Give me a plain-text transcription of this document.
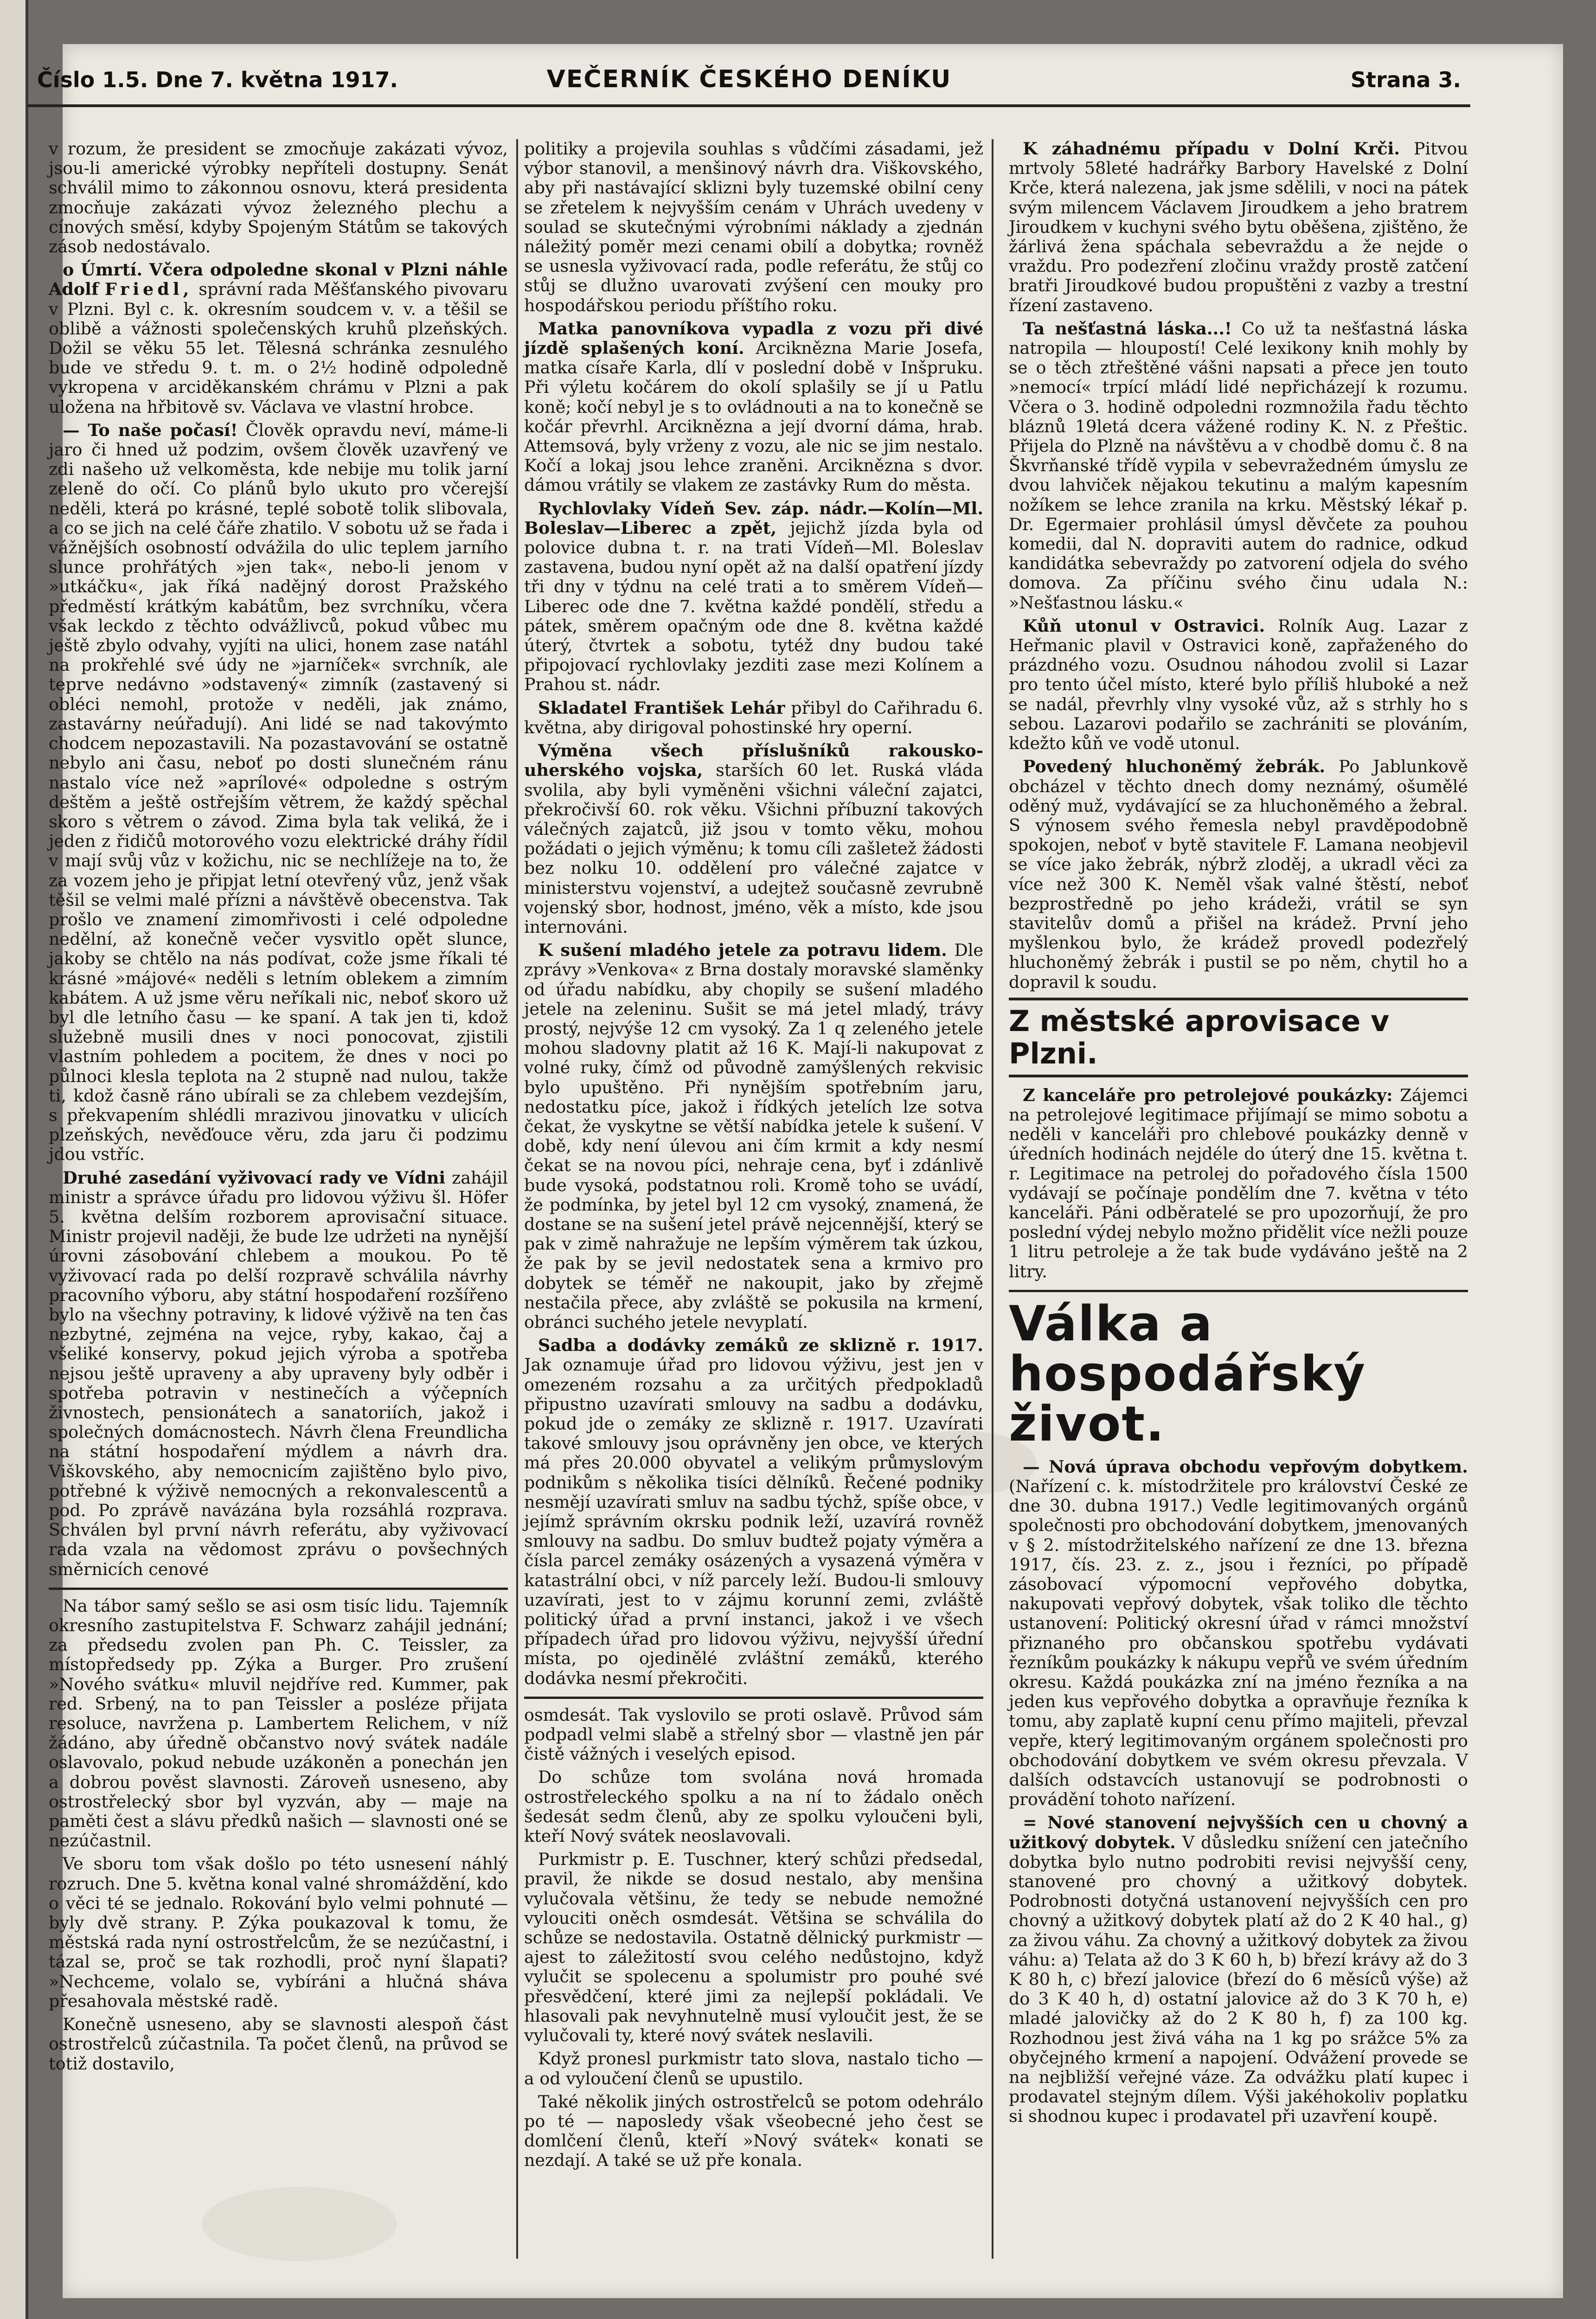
Číslo 1.5. Dne 7. května 1917.	VEČERNÍK ČESKÉHO DENÍKU	Strana 3.

v rozum, že president se zmocňuje zakázati vývoz, jsou-li americké výrobky nepříteli dostupny. Senát schválil mimo to zákonnou osnovu, která presidenta zmocňuje zakázati vývoz železného plechu a cínových směsí, kdyby Spojeným Státům se takových zásob nedostávalo.

o Úmrtí. Včera odpoledne skonal v Plzni náhle Adolf Friedl, správní rada Měšťanského pivovaru v Plzni. Byl c. k. okresním soudcem v. v. a těšil se oblibě a vážnosti společenských kruhů plzeňských. Dožil se věku 55 let. Tělesná schránka zesnulého bude ve středu 9. t. m. o 2½ hodině odpoledně vykropena v arciděkanském chrámu v Plzni a pak uložena na hřbitově sv. Václava ve vlastní hrobce.

— To naše počasí! Člověk opravdu neví, máme-li jaro či hned už podzim, ovšem člověk uzavřený ve zdi našeho už velkoměsta, kde nebije mu tolik jarní zeleně do očí. Co plánů bylo ukuto pro včerejší neděli, která po krásné, teplé sobotě tolik slibovala, a co se jich na celé čáře zhatilo. V sobotu už se řada i vážnějších osobností odvážila do ulic teplem jarního slunce prohřátých »jen tak«, nebo-li jenom v »utkáčku«, jak říká nadějný dorost Pražského předměstí krátkým kabátům, bez svrchníku, včera však leckdo z těchto odvážlivců, pokud vůbec mu ještě zbylo odvahy, vyjíti na ulici, honem zase natáhl na prokřehlé své údy ne »jarníček« svrchník, ale teprve nedávno »odstavený« zimník (zastavený si obléci nemohl, protože v neděli, jak známo, zastavárny neúřadují). Ani lidé se nad takovýmto chodcem nepozastavili. Na pozastavování se ostatně nebylo ani času, neboť po dosti slunečném ránu nastalo více než »aprílové« odpoledne s ostrým deštěm a ještě ostřejším větrem, že každý spěchal skoro s větrem o závod. Zima byla tak veliká, že i jeden z řidičů motorového vozu elektrické dráhy řídil v mají svůj vůz v kožichu, nic se nechlížeje na to, že za vozem jeho je připjat letní otevřený vůz, jenž však těšil se velmi malé přízni a návštěvě obecenstva. Tak prošlo ve znamení zimomřivosti i celé odpoledne nedělní, až konečně večer vysvitlo opět slunce, jakoby se chtělo na nás podívat, cože jsme říkali té krásné »májové« neděli s letním oblekem a zimním kabátem. A už jsme věru neříkali nic, neboť skoro už byl dle letního času — ke spaní. A tak jen ti, kdož služebně musili dnes v noci ponocovat, zjistili vlastním pohledem a pocitem, že dnes v noci po půlnoci klesla teplota na 2 stupně nad nulou, takže ti, kdož časně ráno ubírali se za chlebem vezdejším, s překvapením shlédli mrazivou jinovatku v ulicích plzeňských, nevěďouce věru, zda jaru či podzimu jdou vstříc.

Druhé zasedání vyživovací rady ve Vídni zahájil ministr a správce úřadu pro lidovou výživu šl. Höfer 5. května delším rozborem aprovisační situace. Ministr projevil naději, že bude lze udržeti na nynější úrovni zásobování chlebem a moukou. Po tě vyživovací rada po delší rozpravě schválila návrhy pracovního výboru, aby státní hospodaření rozšířeno bylo na všechny potraviny, k lidové výživě na ten čas nezbytné, zejména na vejce, ryby, kakao, čaj a všeliké konservy, pokud jejich výroba a spotřeba nejsou ještě upraveny a aby upraveny byly odběr i spotřeba potravin v nestinečích a výčepních živnostech, pensionátech a sanatoriích, jakož i společných domácnostech. Návrh člena Freundlicha na státní hospodaření mýdlem a návrh dra. Viškovského, aby nemocnicím zajištěno bylo pivo, potřebné k výživě nemocných a rekonvalescentů a pod. Po zprávě navázána byla rozsáhlá rozprava. Schválen byl první návrh referátu, aby vyživovací rada vzala na vědomost zprávu o povšechných směrnicích cenové

Na tábor samý sešlo se asi osm tisíc lidu. Tajemník okresního zastupitelstva F. Schwarz zahájil jednání; za předsedu zvolen pan Ph. C. Teissler, za místopředsedy pp. Zýka a Burger. Pro zrušení »Nového svátku« mluvil nejdříve red. Kummer, pak red. Srbený, na to pan Teissler a posléze přijata resoluce, navržena p. Lambertem Relichem, v níž žádáno, aby úředně občanstvo nový svátek nadále oslavovalo, pokud nebude uzákoněn a ponechán jen a dobrou pověst slavnosti. Zároveň usneseno, aby ostrostřelecký sbor byl vyzván, aby — maje na paměti čest a slávu předků našich — slavnosti oné se nezúčastnil.

Ve sboru tom však došlo po této usnesení náhlý rozruch. Dne 5. května konal valné shromáždění, kdo o věci té se jednalo. Rokování bylo velmi pohnuté — byly dvě strany. P. Zýka poukazoval k tomu, že městská rada nyní ostrostřelcům, že se nezúčastní, i tázal se, proč se tak rozhodli, proč nyní šlapati? »Nechceme, volalo se, vybíráni a hlučná sháva přesahovala městské radě.

Konečně usneseno, aby se slavnosti alespoň část ostrostřelců zúčastnila. Ta počet členů, na průvod se totiž dostavilo,

politiky a projevila souhlas s vůdčími zásadami, jež výbor stanovil, a menšinový návrh dra. Viškovského, aby při nastávající sklizni byly tuzemské obilní ceny se zřetelem k nejvyšším cenám v Uhrách uvedeny v soulad se skutečnými výrobními náklady a zjednán náležitý poměr mezi cenami obilí a dobytka; rovněž se usnesla vyživovací rada, podle referátu, že stůj co stůj se dlužno uvarovati zvýšení cen mouky pro hospodářskou periodu příštího roku.

Matka panovníkova vypadla z vozu při divé jízdě splašených koní. Arciknězna Marie Josefa, matka císaře Karla, dlí v poslední době v Inšpruku. Při výletu kočárem do okolí splašily se jí u Patlu koně; kočí nebyl je s to ovládnouti a na to konečně se kočár převrhl. Arciknězna a její dvorní dáma, hrab. Attemsová, byly vrženy z vozu, ale nic se jim nestalo. Kočí a lokaj jsou lehce zraněni. Arciknězna s dvor. dámou vrátily se vlakem ze zastávky Rum do města.

Rychlovlaky Vídeň Sev. záp. nádr.—Kolín—Ml. Boleslav—Liberec a zpět, jejichž jízda byla od polovice dubna t. r. na trati Vídeň—Ml. Boleslav zastavena, budou nyní opět až na další opatření jízdy tři dny v týdnu na celé trati a to směrem Vídeň—Liberec ode dne 7. května každé pondělí, středu a pátek, směrem opačným ode dne 8. května každé úterý, čtvrtek a sobotu, tytéž dny budou také připojovací rychlovlaky jezditi zase mezi Kolínem a Prahou st. nádr.

Skladatel František Lehár přibyl do Cařihradu 6. května, aby dirigoval pohostinské hry operní.

Výměna všech příslušníků rakousko-uherského vojska, starších 60 let. Ruská vláda svolila, aby byli vyměněni všichni váleční zajatci, překročivší 60. rok věku. Všichni příbuzní takových válečných zajatců, již jsou v tomto věku, mohou požádati o jejich výměnu; k tomu cíli zašletež žádosti bez nolku 10. oddělení pro válečné zajatce v ministerstvu vojenství, a udejtež současně zevrubně vojenský sbor, hodnost, jméno, věk a místo, kde jsou internováni.

K sušení mladého jetele za potravu lidem. Dle zprávy »Venkova« z Brna dostaly moravské slaměnky od úřadu nabídku, aby chopily se sušení mladého jetele na zeleninu. Sušit se má jetel mladý, trávy prostý, nejvýše 12 cm vysoký. Za 1 q zeleného jetele mohou sladovny platit až 16 K. Mají-li nakupovat z volné ruky, čímž od původně zamýšlených rekvisic bylo upuštěno. Při nynějším spotřebním jaru, nedostatku píce, jakož i řídkých jetelích lze sotva čekat, že vyskytne se větší nabídka jetele k sušení. V době, kdy není úlevou ani čím krmit a kdy nesmí čekat se na novou píci, nehraje cena, byť i zdánlivě bude vysoká, podstatnou roli. Kromě toho se uvádí, že podmínka, by jetel byl 12 cm vysoký, znamená, že dostane se na sušení jetel právě nejcennější, který se pak v zimě nahražuje ne lepším výměrem tak úzkou, že pak by se jevil nedostatek sena a krmivo pro dobytek se téměř ne nakoupit, jako by zřejmě nestačila přece, aby zvláště se pokusila na krmení, obránci suchého jetele nevyplatí.

Sadba a dodávky zemáků ze sklizně r. 1917. Jak oznamuje úřad pro lidovou výživu, jest jen v omezeném rozsahu a za určitých předpokladů připustno uzavírati smlouvy na sadbu a dodávku, pokud jde o zemáky ze sklizně r. 1917. Uzavírati takové smlouvy jsou oprávněny jen obce, ve kterých má přes 20.000 obyvatel a velikým průmyslovým podnikům s několika tisíci dělníků. Řečené podniky nesmějí uzavírati smluv na sadbu týchž, spíše obce, v jejímž správním okrsku podnik leží, uzavírá rovněž smlouvy na sadbu. Do smluv budtež pojaty výměra a čísla parcel zemáky osázených a vysazená výměra v katastrální obci, v níž parcely leží. Budou-li smlouvy uzavírati, jest to v zájmu korunní zemi, zvláště politický úřad a první instanci, jakož i ve všech případech úřad pro lidovou výživu, nejvyšší úřední místa, po ojedinělé zvláštní zemáků, kterého dodávka nesmí překročiti.

osmdesát. Tak vyslovilo se proti oslavě. Průvod sám podpadl velmi slabě a střelný sbor — vlastně jen pár čistě vážných i veselých episod.

Do schůze tom svolána nová hromada ostrostřeleckého spolku a na ní to žádalo oněch šedesát sedm členů, aby ze spolku vyloučeni byli, kteří Nový svátek neoslavovali.

Purkmistr p. E. Tuschner, který schůzi předsedal, pravil, že nikde se dosud nestalo, aby menšina vylučovala většinu, že tedy se nebude nemožné vylouciti oněch osmdesát. Většina se schválila do schůze se nedostavila. Ostatně dělnický purkmistr — ajest to záležitostí svou celého nedůstojno, když vylučit se spolecenu a spolumistr pro pouhé své přesvědčení, které jimi za nejlepší pokládali. Ve hlasovali pak nevyhnutelně musí vyloučit jest, že se vylučovali ty, které nový svátek neslavili.

Když pronesl purkmistr tato slova, nastalo ticho — a od vyloučení členů se upustilo.

Také několik jiných ostrostřelců se potom odehrálo po té — naposledy však všeobecné jeho čest se domlčení členů, kteří »Nový svátek« konati se nezdají. A také se už pře konala.

K záhadnému případu v Dolní Krči. Pitvou mrtvoly 58leté hadrářky Barbory Havelské z Dolní Krče, která nalezena, jak jsme sdělili, v noci na pátek svým milencem Václavem Jiroudkem a jeho bratrem Jiroudkem v kuchyni svého bytu oběšena, zjištěno, že žárlivá žena spáchala sebevraždu a že nejde o vraždu. Pro podezření zločinu vraždy prostě zatčení bratři Jiroudkové budou propuštěni z vazby a trestní řízení zastaveno.

Ta nešťastná láska...! Co už ta nešťastná láska natropila — hloupostí! Celé lexikony knih mohly by se o těch ztřeštěné vášni napsati a přece jen touto »nemocí« trpící mládí lidé nepřicházejí k rozumu. Včera o 3. hodině odpoledni rozmnožila řadu těchto bláznů 19letá dcera vážené rodiny K. N. z Přeštic. Přijela do Plzně na návštěvu a v chodbě domu č. 8 na Škvrňanské třídě vypila v sebevražedném úmyslu ze dvou lahviček nějakou tekutinu a malým kapesním nožíkem se lehce zranila na krku. Městský lékař p. Dr. Egermaier prohlásil úmysl děvčete za pouhou komedii, dal N. dopraviti autem do radnice, odkud kandidátka sebevraždy po zatvorení odjela do svého domova. Za příčinu svého činu udala N.: »Nešťastnou lásku.«

Kůň utonul v Ostravici. Rolník Aug. Lazar z Heřmanic plavil v Ostravici koně, zapřaženého do prázdného vozu. Osudnou náhodou zvolil si Lazar pro tento účel místo, které bylo příliš hluboké a než se nadál, převrhly vlny vysoké vůz, až s strhly ho s sebou. Lazarovi podařilo se zachrániti se plováním, kdežto kůň ve vodě utonul.

Povedený hluchoněmý žebrák. Po Jablunkově obcházel v těchto dnech domy neznámý, ošumělé oděný muž, vydávající se za hluchoněmého a žebral. S výnosem svého řemesla nebyl pravděpodobně spokojen, neboť v bytě stavitele F. Lamana neobjevil se více jako žebrák, nýbrž zloděj, a ukradl věci za více než 300 K. Neměl však valné štěstí, neboť bezprostředně po jeho krádeži, vrátil se syn stavitelův domů a přišel na krádež. První jeho myšlenkou bylo, že krádež provedl podezřelý hluchoněmý žebrák i pustil se po něm, chytil ho a dopravil k soudu.

Z městské aprovisace v Plzni.

Z kanceláře pro petrolejové poukázky: Zájemci na petrolejové legitimace přijímají se mimo sobotu a neděli v kanceláři pro chlebové poukázky denně v úředních hodinách nejdéle do úterý dne 15. května t. r. Legitimace na petrolej do pořadového čísla 1500 vydávají se počínaje pondělím dne 7. května v této kanceláři. Páni odběratelé se pro upozorňují, že pro poslední výdej nebylo možno přidělit více nežli pouze 1 litru petroleje a že tak bude vydáváno ještě na 2 litry.

Válka a hospodářský život.

— Nová úprava obchodu vepřovým dobytkem. (Nařízení c. k. místodržitele pro království České ze dne 30. dubna 1917.) Vedle legitimovaných orgánů společnosti pro obchodování dobytkem, jmenovaných v § 2. místodržitelského nařízení ze dne 13. března 1917, čís. 23. z. z., jsou i řezníci, po případě zásobovací výpomocní vepřového dobytka, nakupovati vepřový dobytek, však toliko dle těchto ustanovení: Politický okresní úřad v rámci množství přiznaného pro občanskou spotřebu vydávati řezníkům poukázky k nákupu vepřů ve svém úředním okresu. Každá poukázka zní na jméno řezníka a na jeden kus vepřového dobytka a opravňuje řezníka k tomu, aby zaplatě kupní cenu přímo majiteli, převzal vepře, který legitimovaným orgánem společnosti pro obchodování dobytkem ve svém okresu převzala. V dalších odstavcích ustanovují se podrobnosti o provádění tohoto nařízení.

= Nové stanovení nejvyšších cen u chovný a užitkový dobytek. V důsledku snížení cen jatečního dobytka bylo nutno podrobiti revisi nejvyšší ceny, stanovené pro chovný a užitkový dobytek. Podrobnosti dotyčná ustanovení nejvyšších cen pro chovný a užitkový dobytek platí až do 2 K 40 hal., g) za živou váhu. Za chovný a užitkový dobytek za živou váhu: a) Telata až do 3 K 60 h, b) březí krávy až do 3 K 80 h, c) březí jalovice (březí do 6 měsíců výše) až do 3 K 40 h, d) ostatní jalovice až do 3 K 70 h, e) mladé jalovičky až do 2 K 80 h, f) za 100 kg. Rozhodnou jest živá váha na 1 kg po srážce 5% za obyčejného krmení a napojení. Odvážení provede se na nejbližší veřejné váze. Za odvážku platí kupec i prodavatel stejným dílem. Výši jakéhokoliv poplatku si shodnou kupec i prodavatel při uzavření koupě.
